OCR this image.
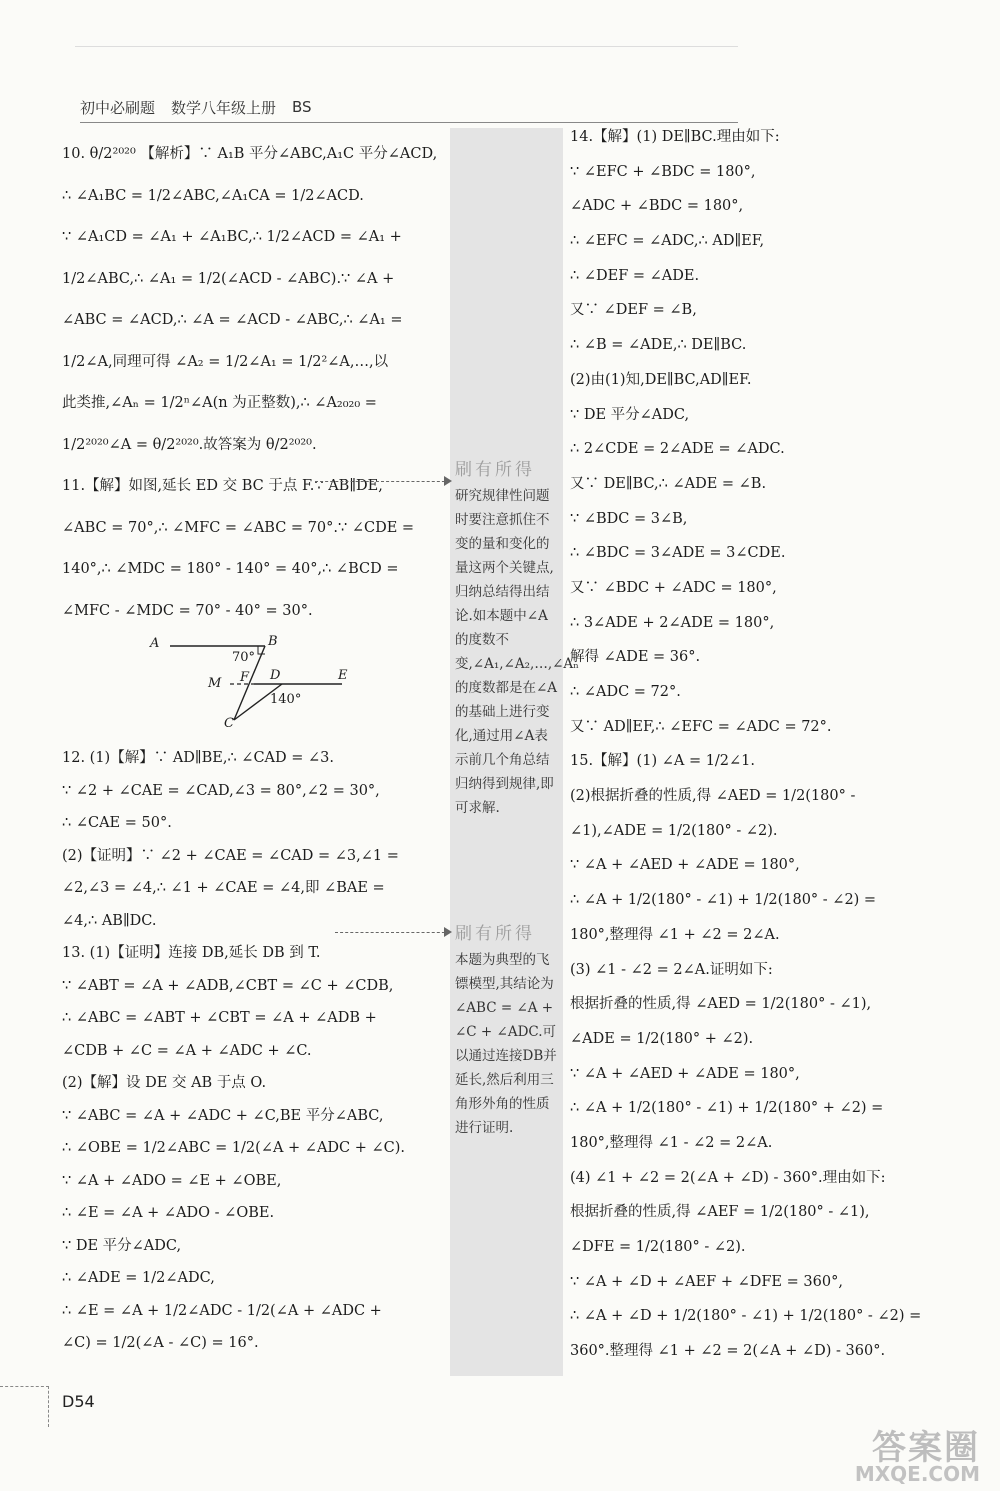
初中必刷题 数学八年级上册 BS
10. θ/2²⁰²⁰ 【解析】∵ A₁B 平分∠ABC,A₁C 平分∠ACD,
∴ ∠A₁BC = 1/2∠ABC,∠A₁CA = 1/2∠ACD.
∵ ∠A₁CD = ∠A₁ + ∠A₁BC,∴ 1/2∠ACD = ∠A₁ +
1/2∠ABC,∴ ∠A₁ = 1/2(∠ACD - ∠ABC).∵ ∠A +
∠ABC = ∠ACD,∴ ∠A = ∠ACD - ∠ABC,∴ ∠A₁ =
1/2∠A,同理可得 ∠A₂ = 1/2∠A₁ = 1/2²∠A,…,以
此类推,∠Aₙ = 1/2ⁿ∠A(n 为正整数),∴ ∠A₂₀₂₀ =
1/2²⁰²⁰∠A = θ/2²⁰²⁰.故答案为 θ/2²⁰²⁰.
11.【解】如图,延长 ED 交 BC 于点 F.∵ AB∥DE,
∠ABC = 70°,∴ ∠MFC = ∠ABC = 70°.∵ ∠CDE =
140°,∴ ∠MDC = 180° - 140° = 40°,∴ ∠BCD =
∠MFC - ∠MDC = 70° - 40° = 30°.
A	B
70°
M F D	E
140°
C
12. (1)【解】∵ AD∥BE,∴ ∠CAD = ∠3.
∵ ∠2 + ∠CAE = ∠CAD,∠3 = 80°,∠2 = 30°,
∴ ∠CAE = 50°.
(2)【证明】∵ ∠2 + ∠CAE = ∠CAD = ∠3,∠1 =
∠2,∠3 = ∠4,∴ ∠1 + ∠CAE = ∠4,即 ∠BAE =
∠4,∴ AB∥DC.
13. (1)【证明】连接 DB,延长 DB 到 T.
∵ ∠ABT = ∠A + ∠ADB,∠CBT = ∠C + ∠CDB,
∴ ∠ABC = ∠ABT + ∠CBT = ∠A + ∠ADB +
∠CDB + ∠C = ∠A + ∠ADC + ∠C.
(2)【解】设 DE 交 AB 于点 O.
∵ ∠ABC = ∠A + ∠ADC + ∠C,BE 平分∠ABC,
∴ ∠OBE = 1/2∠ABC = 1/2(∠A + ∠ADC + ∠C).
∵ ∠A + ∠ADO = ∠E + ∠OBE,
∴ ∠E = ∠A + ∠ADO - ∠OBE.
∵ DE 平分∠ADC,
∴ ∠ADE = 1/2∠ADC,
∴ ∠E = ∠A + 1/2∠ADC - 1/2(∠A + ∠ADC +
∠C) = 1/2(∠A - ∠C) = 16°.
刷有所得
研究规律性问题时要注意抓住不变的量和变化的量这两个关键点,归纳总结得出结论.如本题中∠A的度数不变,∠A₁,∠A₂,…,∠Aₙ的度数都是在∠A的基础上进行变化,通过用∠A表示前几个角总结归纳得到规律,即可求解.
刷有所得
本题为典型的飞镖模型,其结论为∠ABC = ∠A + ∠C + ∠ADC.可以通过连接DB并延长,然后利用三角形外角的性质进行证明.
14.【解】(1) DE∥BC.理由如下:
∵ ∠EFC + ∠BDC = 180°,
∠ADC + ∠BDC = 180°,
∴ ∠EFC = ∠ADC,∴ AD∥EF,
∴ ∠DEF = ∠ADE.
又∵ ∠DEF = ∠B,
∴ ∠B = ∠ADE,∴ DE∥BC.
(2)由(1)知,DE∥BC,AD∥EF.
∵ DE 平分∠ADC,
∴ 2∠CDE = 2∠ADE = ∠ADC.
又∵ DE∥BC,∴ ∠ADE = ∠B.
∵ ∠BDC = 3∠B,
∴ ∠BDC = 3∠ADE = 3∠CDE.
又∵ ∠BDC + ∠ADC = 180°,
∴ 3∠ADE + 2∠ADE = 180°,
解得 ∠ADE = 36°.
∴ ∠ADC = 72°.
又∵ AD∥EF,∴ ∠EFC = ∠ADC = 72°.
15.【解】(1) ∠A = 1/2∠1.
(2)根据折叠的性质,得 ∠AED = 1/2(180° -
∠1),∠ADE = 1/2(180° - ∠2).
∵ ∠A + ∠AED + ∠ADE = 180°,
∴ ∠A + 1/2(180° - ∠1) + 1/2(180° - ∠2) =
180°,整理得 ∠1 + ∠2 = 2∠A.
(3) ∠1 - ∠2 = 2∠A.证明如下:
根据折叠的性质,得 ∠AED = 1/2(180° - ∠1),
∠ADE = 1/2(180° + ∠2).
∵ ∠A + ∠AED + ∠ADE = 180°,
∴ ∠A + 1/2(180° - ∠1) + 1/2(180° + ∠2) =
180°,整理得 ∠1 - ∠2 = 2∠A.
(4) ∠1 + ∠2 = 2(∠A + ∠D) - 360°.理由如下:
根据折叠的性质,得 ∠AEF = 1/2(180° - ∠1),
∠DFE = 1/2(180° - ∠2).
∵ ∠A + ∠D + ∠AEF + ∠DFE = 360°,
∴ ∠A + ∠D + 1/2(180° - ∠1) + 1/2(180° - ∠2) =
360°.整理得 ∠1 + ∠2 = 2(∠A + ∠D) - 360°.
D54
答案圈
MXQE.COM
